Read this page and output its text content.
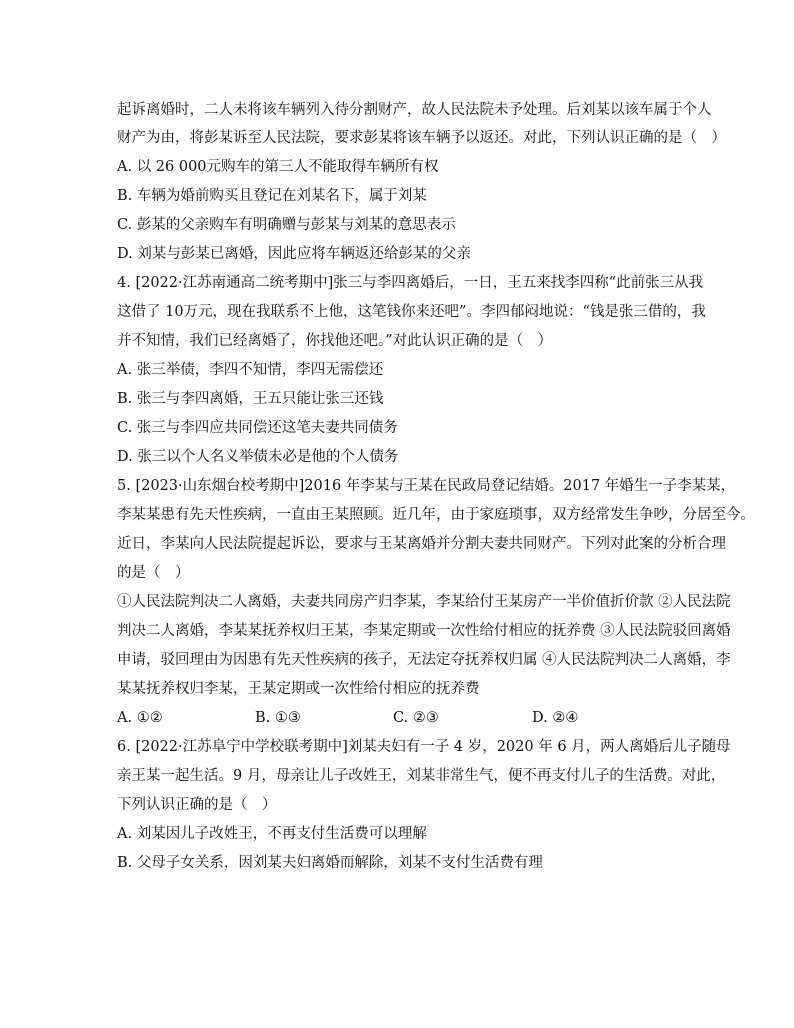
起诉离婚时，二人未将该车辆列入待分割财产，故人民法院未予处理。后刘某以该车属于个人
财产为由，将彭某诉至人民法院，要求彭某将该车辆予以返还。对此，下列认识正确的是（　）
A. 以 26 000元购车的第三人不能取得车辆所有权
B. 车辆为婚前购买且登记在刘某名下，属于刘某
C. 彭某的父亲购车有明确赠与彭某与刘某的意思表示
D. 刘某与彭某已离婚，因此应将车辆返还给彭某的父亲
4. [2022·江苏南通高二统考期中]张三与李四离婚后，一日，王五来找李四称“此前张三从我
这借了 10万元，现在我联系不上他，这笔钱你来还吧”。李四郁闷地说：“钱是张三借的，我
并不知情，我们已经离婚了，你找他还吧。”对此认识正确的是（　）
A. 张三举债，李四不知情，李四无需偿还
B. 张三与李四离婚，王五只能让张三还钱
C. 张三与李四应共同偿还这笔夫妻共同债务
D. 张三以个人名义举债未必是他的个人债务
5. [2023·山东烟台校考期中]2016 年李某与王某在民政局登记结婚。2017 年婚生一子李某某，
李某某患有先天性疾病，一直由王某照顾。近几年，由于家庭琐事，双方经常发生争吵，分居至今。
近日，李某向人民法院提起诉讼，要求与王某离婚并分割夫妻共同财产。下列对此案的分析合理
的是（　）
①人民法院判决二人离婚，夫妻共同房产归李某，李某给付王某房产一半价值折价款 ②人民法院
判决二人离婚，李某某抚养权归王某，李某定期或一次性给付相应的抚养费 ③人民法院驳回离婚
申请，驳回理由为因患有先天性疾病的孩子，无法定夺抚养权归属 ④人民法院判决二人离婚，李
某某抚养权归李某，王某定期或一次性给付相应的抚养费
A. ①②	B. ①③	C. ②③	D. ②④
6. [2022·江苏阜宁中学校联考期中]刘某夫妇有一子 4 岁，2020 年 6 月，两人离婚后儿子随母
亲王某一起生活。9 月，母亲让儿子改姓王，刘某非常生气，便不再支付儿子的生活费。对此，
下列认识正确的是（　）
A. 刘某因儿子改姓王，不再支付生活费可以理解
B. 父母子女关系，因刘某夫妇离婚而解除，刘某不支付生活费有理
